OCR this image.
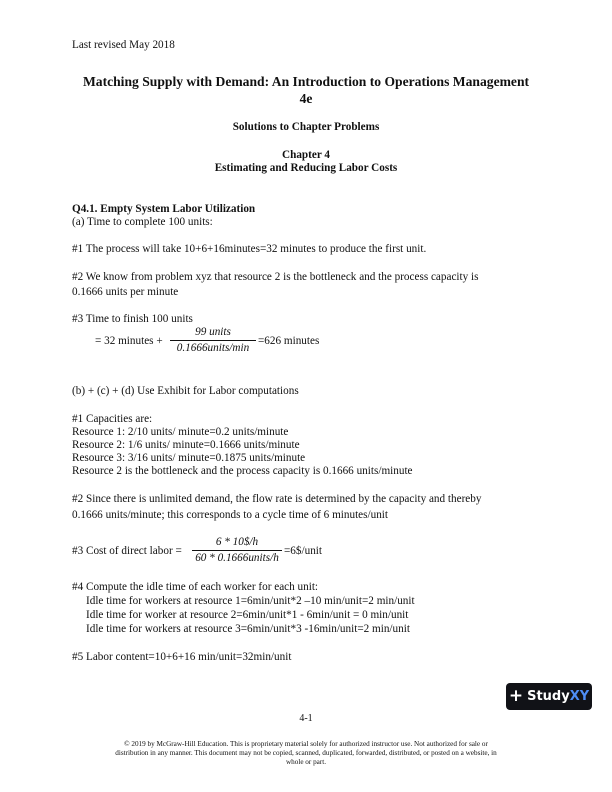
Last revised May 2018
Matching Supply with Demand: An Introduction to Operations Management
4e
Solutions to Chapter Problems
Chapter 4
Estimating and Reducing Labor Costs
Q4.1. Empty System Labor Utilization
(a) Time to complete 100 units:
#1 The process will take 10+6+16minutes=32 minutes to produce the first unit.
#2 We know from problem xyz that resource 2 is the bottleneck and the process capacity is
0.1666 units per minute
#3 Time to finish 100 units
= 32 minutes +
99 units
0.1666units/min
=626 minutes
(b) + (c) + (d) Use Exhibit for Labor computations
#1 Capacities are:
Resource 1: 2/10 units/ minute=0.2 units/minute
Resource 2: 1/6 units/ minute=0.1666 units/minute
Resource 3: 3/16 units/ minute=0.1875 units/minute
Resource 2 is the bottleneck and the process capacity is 0.1666 units/minute
#2 Since there is unlimited demand, the flow rate is determined by the capacity and thereby
0.1666 units/minute; this corresponds to a cycle time of 6 minutes/unit
#3 Cost of direct labor =
6 * 10$/h
60 * 0.1666units/h
=6$/unit
#4 Compute the idle time of each worker for each unit:
Idle time for workers at resource 1=6min/unit*2 –10 min/unit=2 min/unit
Idle time for worker at resource 2=6min/unit*1 - 6min/unit = 0 min/unit
Idle time for workers at resource 3=6min/unit*3 -16min/unit=2 min/unit
#5 Labor content=10+6+16 min/unit=32min/unit
+ StudyXY
4-1
© 2019 by McGraw-Hill Education. This is proprietary material solely for authorized instructor use. Not authorized for sale or
distribution in any manner. This document may not be copied, scanned, duplicated, forwarded, distributed, or posted on a website, in
whole or part.
